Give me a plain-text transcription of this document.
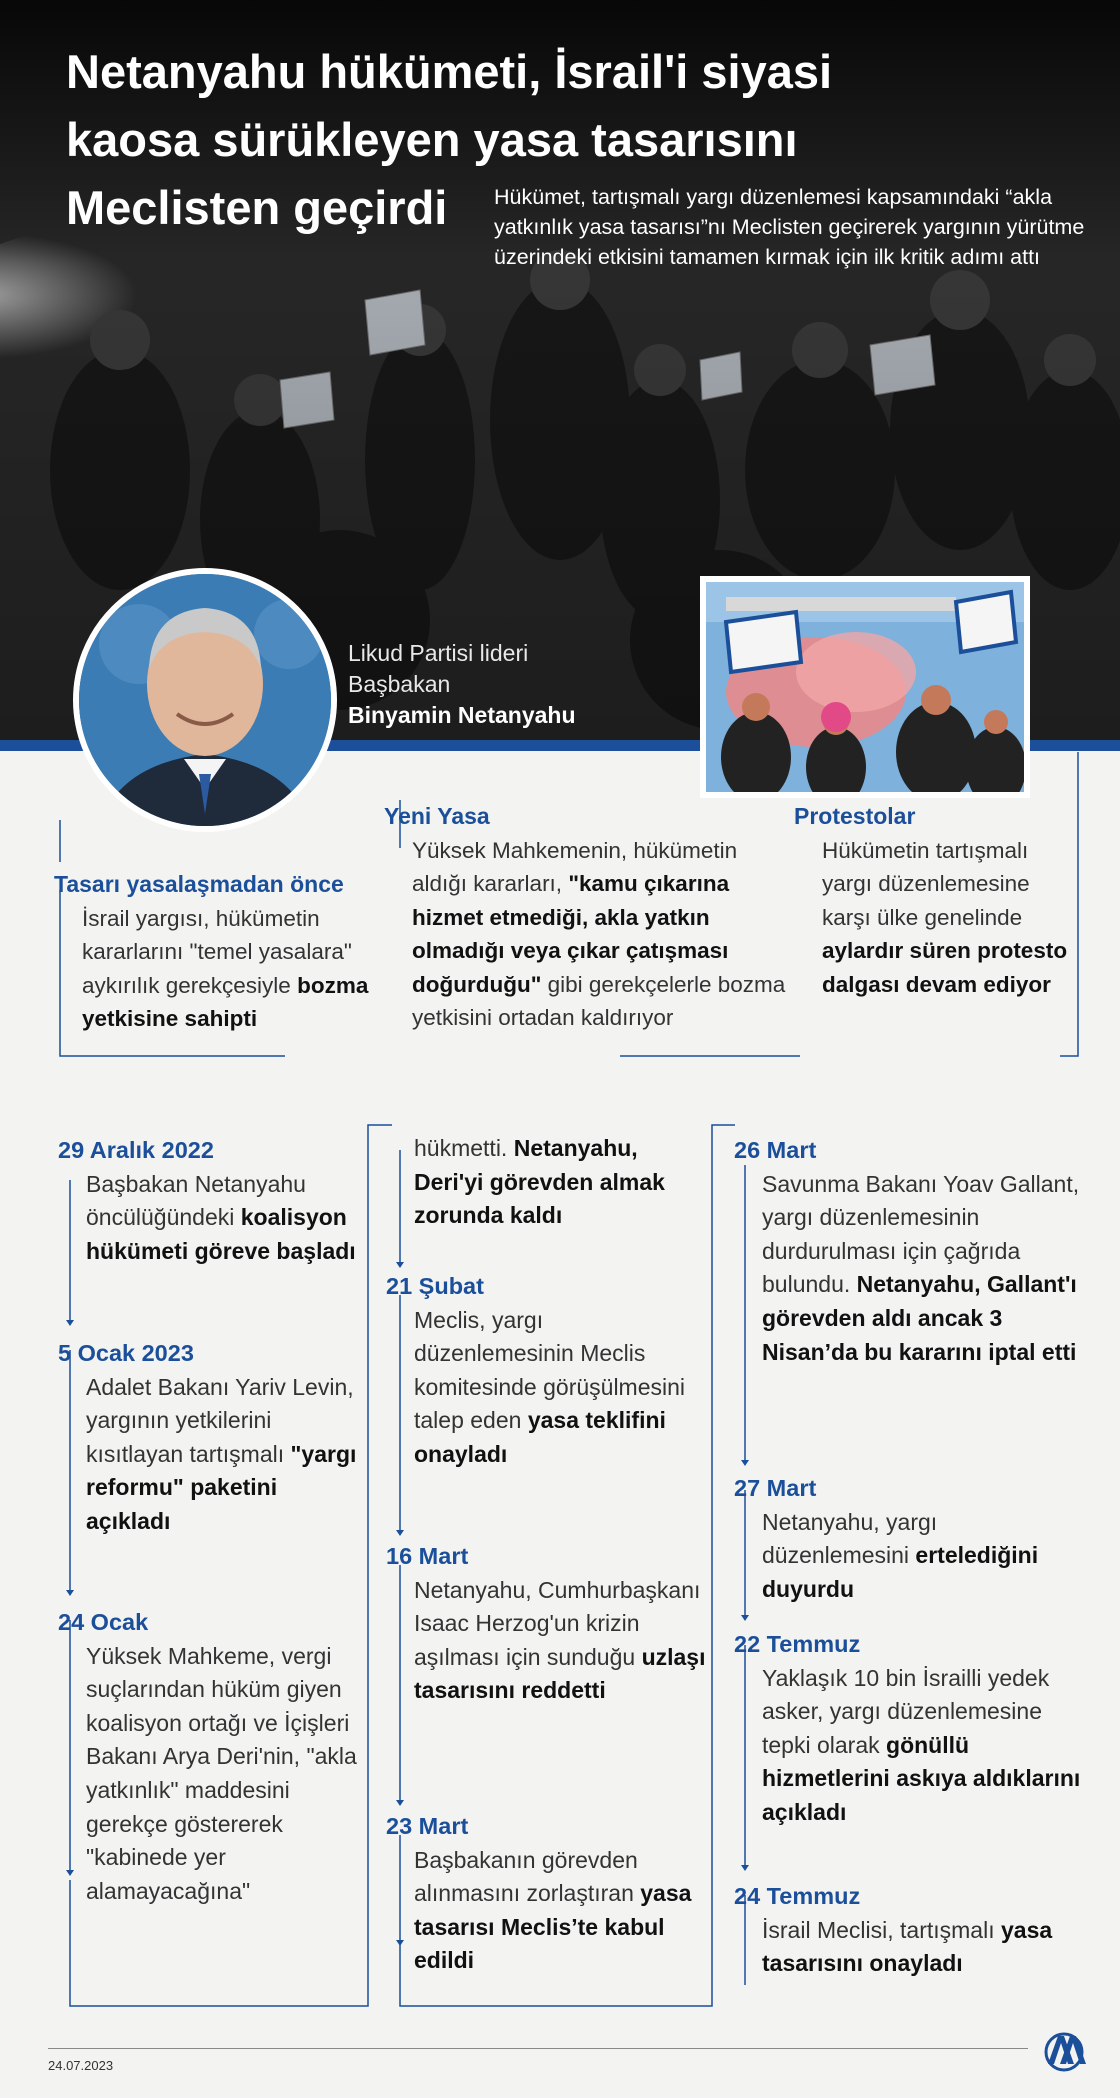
Netanyahu hükümeti, İsrail'i siyasi
kaosa sürükleyen yasa tasarısını
Meclisten geçirdi	Hükümet, tartışmalı yargı düzenlemesi kapsamındaki “akla yatkınlık yasa tasarısı”nı Meclisten geçirerek yargının yürütme üzerindeki etkisini tamamen kırmak için ilk kritik adımı attı

Likud Partisi lideri
Başbakan
Binyamin Netanyahu
Tasarı yasalaşmadan önce
İsrail yargısı, hükümetin kararlarını "temel yasalara" aykırılık gerekçesiyle bozma yetkisine sahipti
Yeni Yasa
Yüksek Mahkemenin, hükümetin aldığı kararları, "kamu çıkarına hizmet etmediği, akla yatkın olmadığı veya çıkar çatışması doğurduğu" gibi gerekçelerle bozma yetkisini ortadan kaldırıyor
Protestolar
Hükümetin tartışmalı yargı düzenlemesine karşı ülke genelinde aylardır süren protesto dalgası devam ediyor
29 Aralık 2022
Başbakan Netanyahu öncülüğündeki koalisyon hükümeti göreve başladı
5 Ocak 2023
Adalet Bakanı Yariv Levin, yargının yetkilerini kısıtlayan tartışmalı "yargı reformu" paketini açıkladı
24 Ocak
Yüksek Mahkeme, vergi suçlarından hüküm giyen koalisyon ortağı ve İçişleri Bakanı Arya Deri'nin, "akla yatkınlık" maddesini gerekçe göstererek "kabinede yer alamayacağına"
hükmetti. Netanyahu, Deri'yi görevden almak zorunda kaldı
21 Şubat
Meclis, yargı düzenlemesinin Meclis komitesinde görüşülmesini talep eden yasa teklifini onayladı
16 Mart
Netanyahu, Cumhurbaşkanı Isaac Herzog'un krizin aşılması için sunduğu uzlaşı tasarısını reddetti
23 Mart
Başbakanın görevden alınmasını zorlaştıran yasa tasarısı Meclis’te kabul edildi
26 Mart
Savunma Bakanı Yoav Gallant, yargı düzenlemesinin durdurulması için çağrıda bulundu. Netanyahu, Gallant'ı görevden aldı ancak 3 Nisan’da bu kararını iptal etti
27 Mart
Netanyahu, yargı düzenlemesini ertelediğini duyurdu
22 Temmuz
Yaklaşık 10 bin İsrailli yedek asker, yargı düzenlemesine tepki olarak gönüllü hizmetlerini askıya aldıklarını açıkladı
24 Temmuz
İsrail Meclisi, tartışmalı yasa tasarısını onayladı
24.07.2023
